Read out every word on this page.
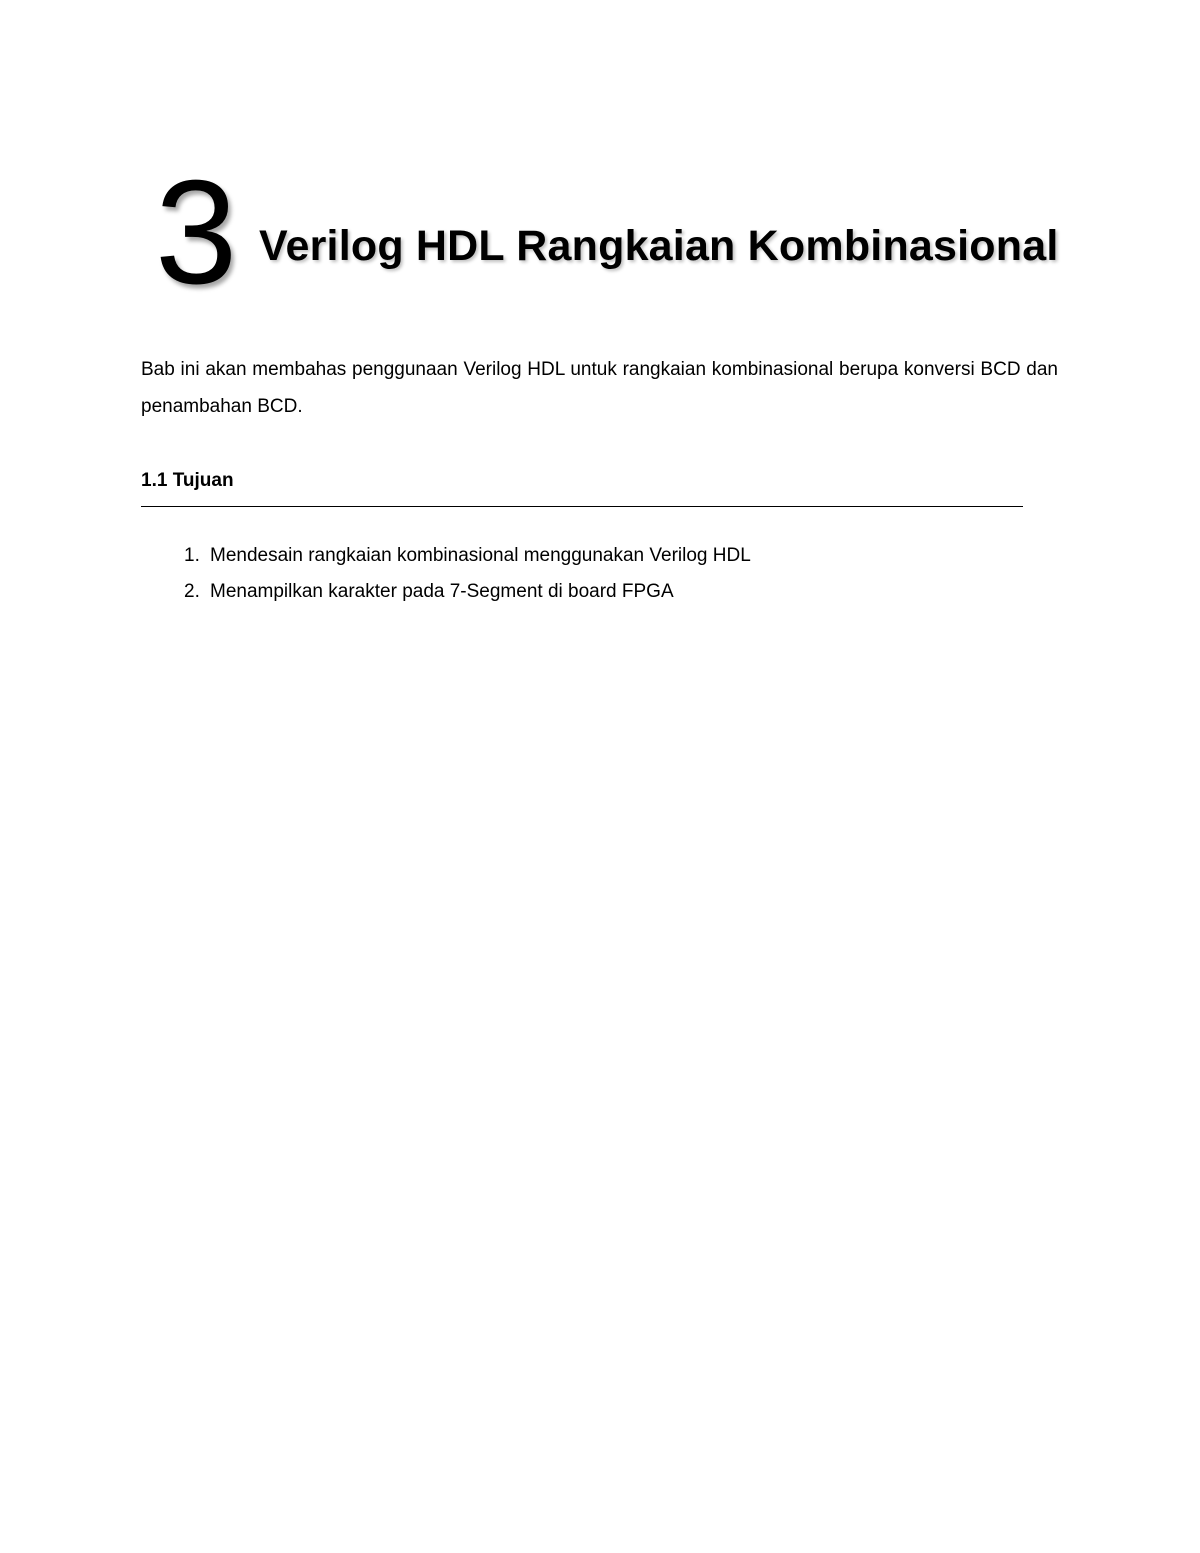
3 Verilog HDL Rangkaian Kombinasional

Bab ini akan membahas penggunaan Verilog HDL untuk rangkaian kombinasional berupa konversi BCD dan penambahan BCD.

1.1 Tujuan
1. Mendesain rangkaian kombinasional menggunakan Verilog HDL
2. Menampilkan karakter pada 7-Segment di board FPGA
